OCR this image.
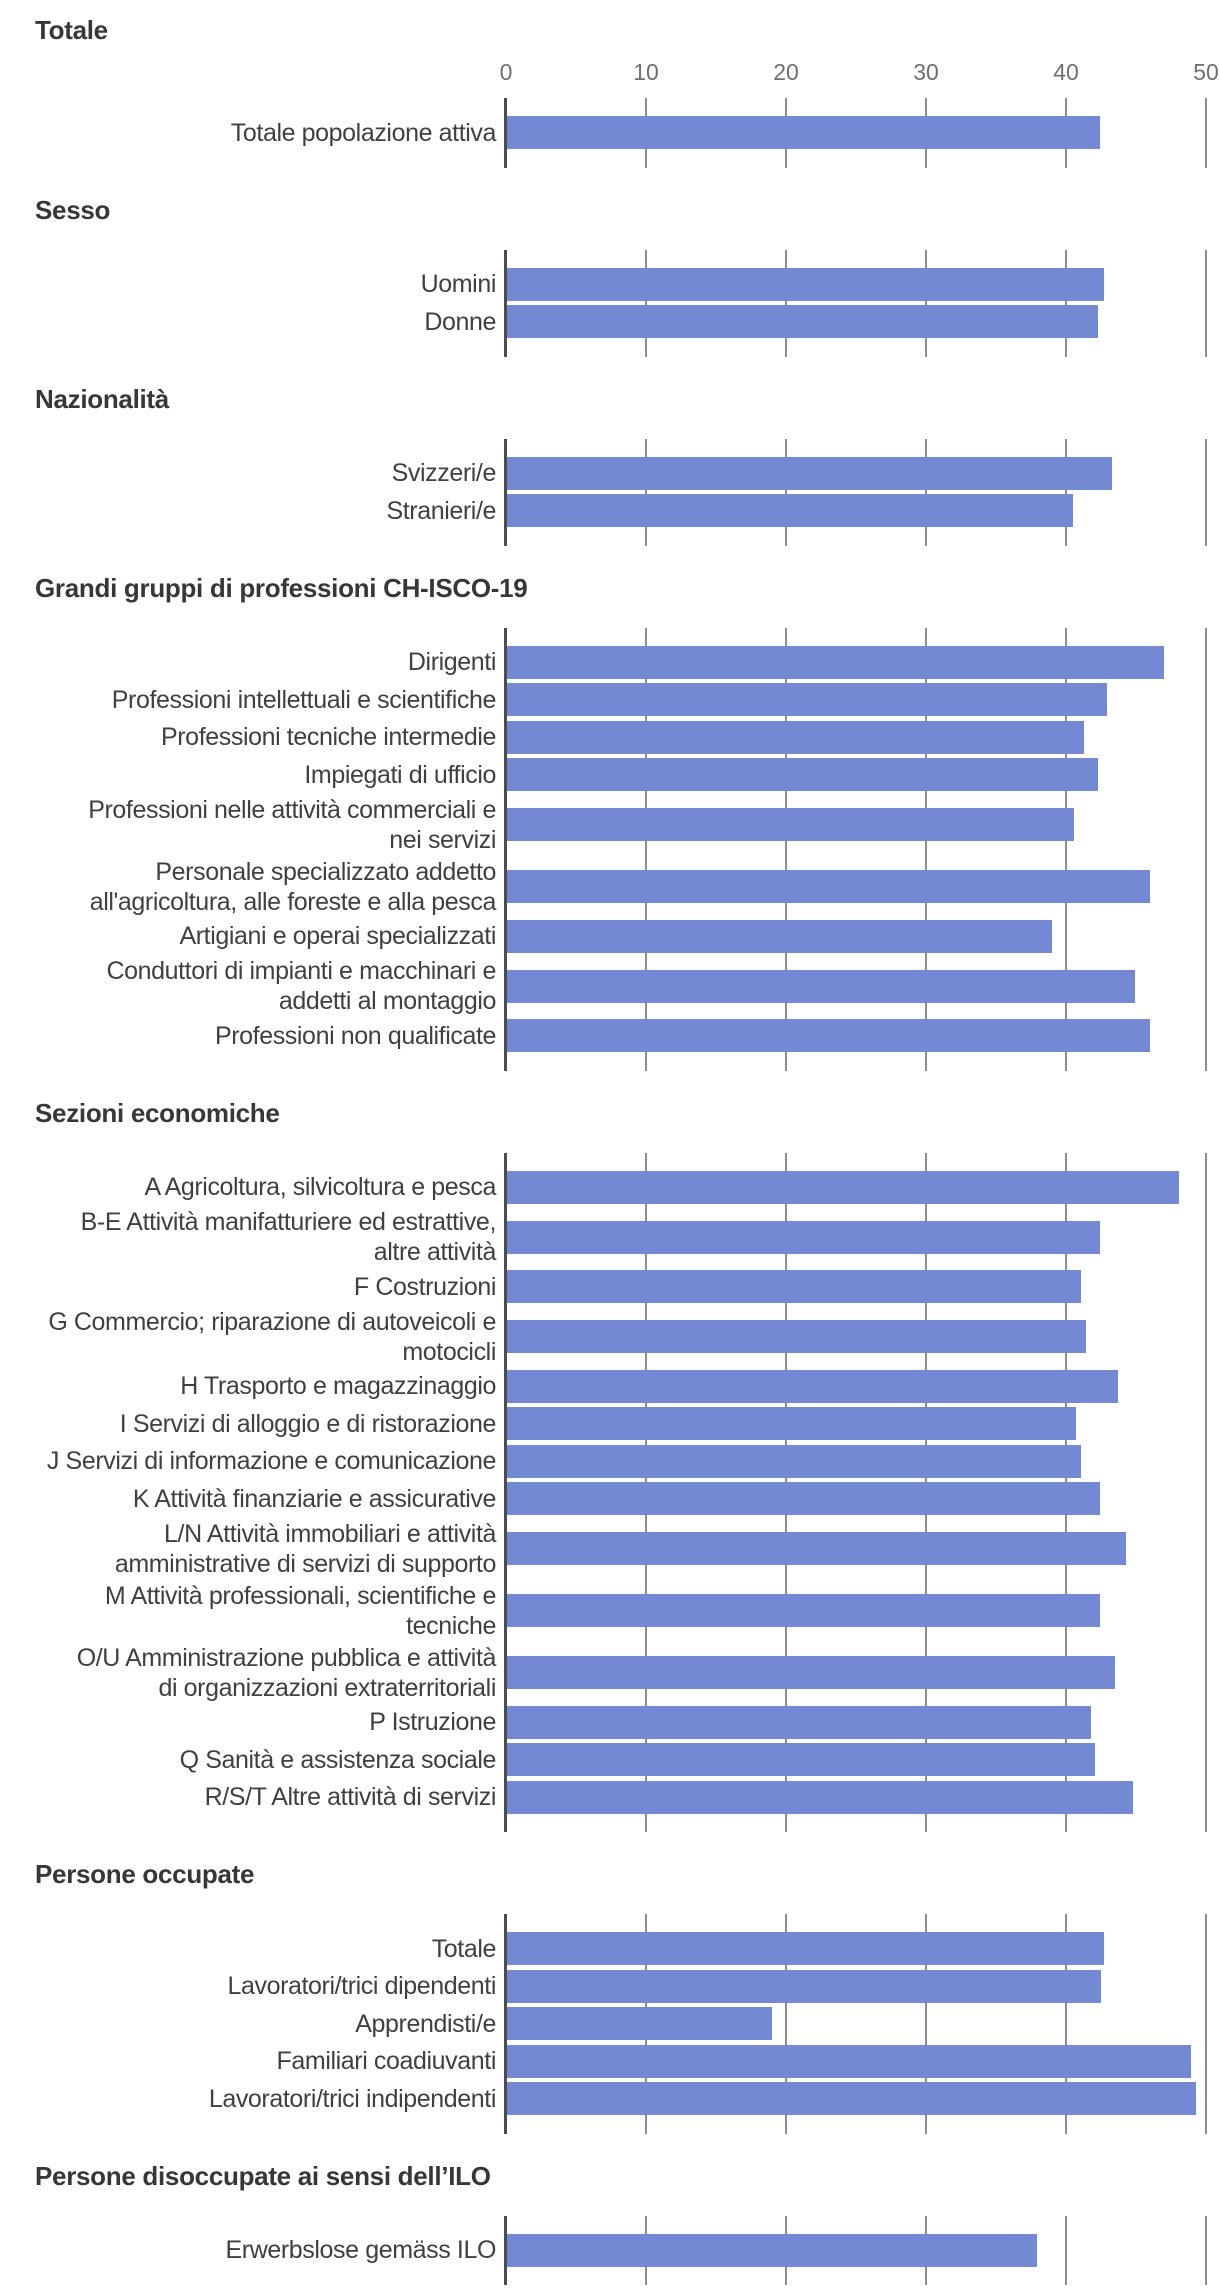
Totale
0	10	20	30	40	50
Totale popolazione attiva
Sesso
Uomini
Donne
Nazionalità
Svizzeri/e
Stranieri/e
Grandi gruppi di professioni CH-ISCO-19
Dirigenti
Professioni intellettuali e scientifiche
Professioni tecniche intermedie
Impiegati di ufficio
Professioni nelle attività commerciali e
nei servizi
Personale specializzato addetto
all'agricoltura, alle foreste e alla pesca
Artigiani e operai specializzati
Conduttori di impianti e macchinari e
addetti al montaggio
Professioni non qualificate
Sezioni economiche
A Agricoltura, silvicoltura e pesca
B-E Attività manifatturiere ed estrattive,
altre attività
F Costruzioni
G Commercio; riparazione di autoveicoli e
motocicli
H Trasporto e magazzinaggio
I Servizi di alloggio e di ristorazione
J Servizi di informazione e comunicazione
K Attività finanziarie e assicurative
L/N Attività immobiliari e attività
amministrative di servizi di supporto
M Attività professionali, scientifiche e
tecniche
O/U Amministrazione pubblica e attività
di organizzazioni extraterritoriali
P Istruzione
Q Sanità e assistenza sociale
R/S/T Altre attività di servizi
Persone occupate
Totale
Lavoratori/trici dipendenti
Apprendisti/e
Familiari coadiuvanti
Lavoratori/trici indipendenti
Persone disoccupate ai sensi dell’ILO
Erwerbslose gemäss ILO
